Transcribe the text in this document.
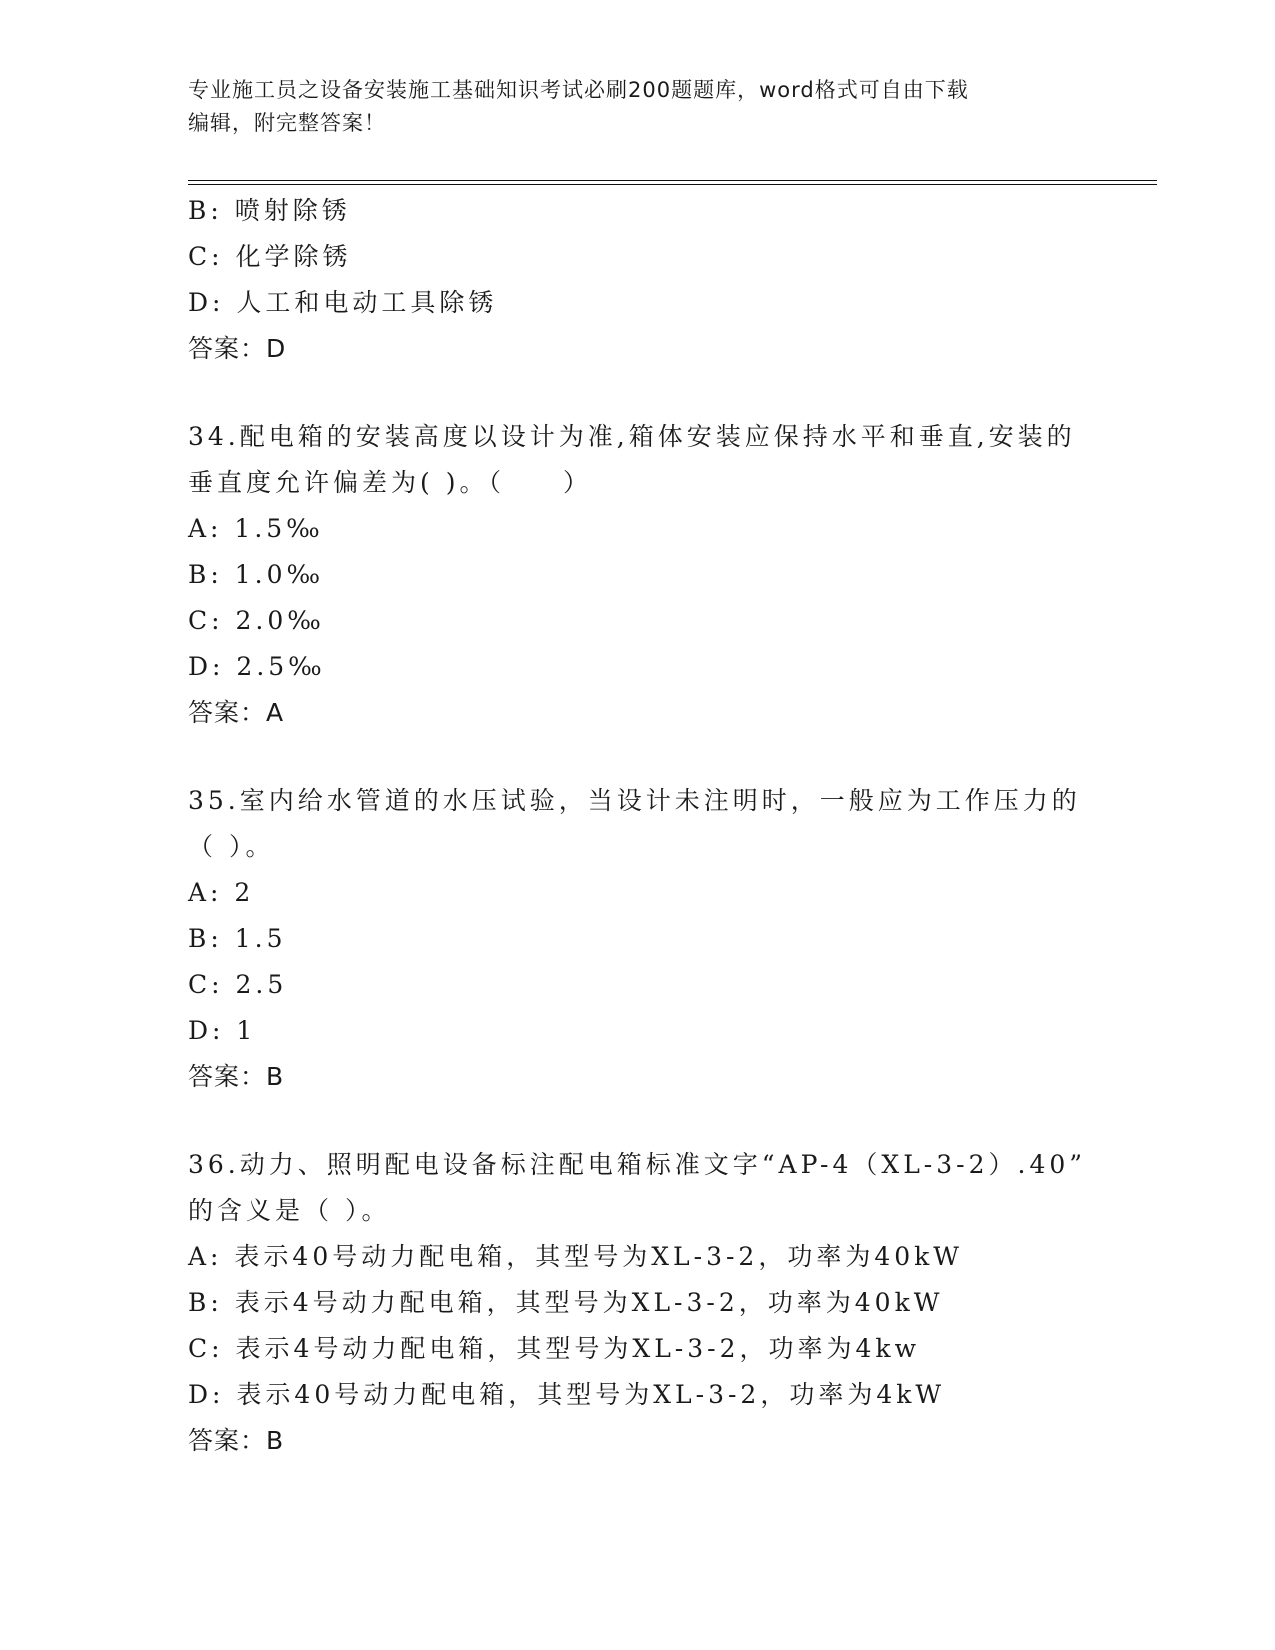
专业施工员之设备安装施工基础知识考试必刷200题题库，word格式可自由下载
编辑，附完整答案！
B: 喷射除锈
C: 化学除锈
D: 人工和电动工具除锈
答案：D
34.配电箱的安装高度以设计为准,箱体安装应保持水平和垂直,安装的
垂直度允许偏差为( )。（　　）
A: 1.5‰
B: 1.0‰
C: 2.0‰
D: 2.5‰
答案：A
35.室内给水管道的水压试验，当设计未注明时，一般应为工作压力的
（ ）。
A: 2
B: 1.5
C: 2.5
D: 1
答案：B
36.动力、照明配电设备标注配电箱标准文字“AP-4（XL-3-2）.40”
的含义是（ ）。
A: 表示40号动力配电箱，其型号为XL-3-2，功率为40kW
B: 表示4号动力配电箱，其型号为XL-3-2，功率为40kW
C: 表示4号动力配电箱，其型号为XL-3-2，功率为4kw
D: 表示40号动力配电箱，其型号为XL-3-2，功率为4kW
答案：B
